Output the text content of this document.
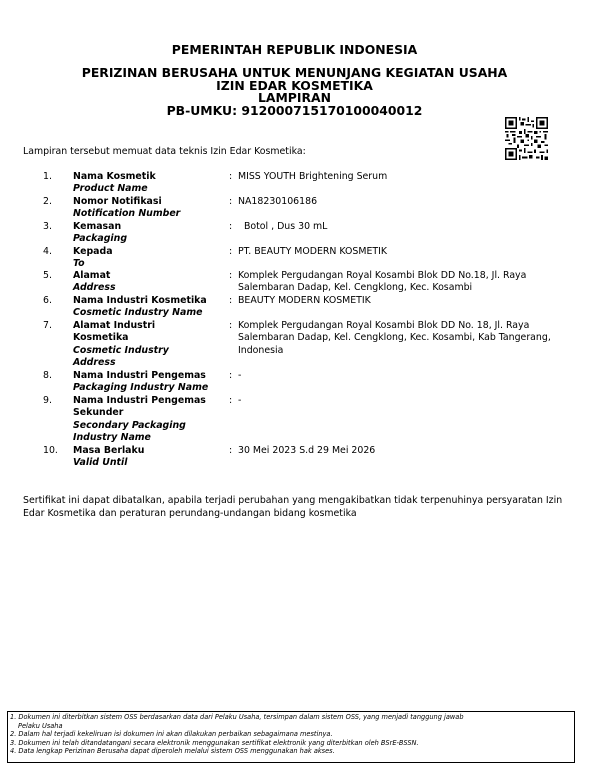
PEMERINTAH REPUBLIK INDONESIA
PERIZINAN BERUSAHA UNTUK MENUNJANG KEGIATAN USAHA
IZIN EDAR KOSMETIKA
LAMPIRAN
PB-UMKU: 912000715170100040012
Lampiran tersebut memuat data teknis Izin Edar Kosmetika:
1.	Nama Kosmetik
Product Name
: MISS YOUTH Brightening Serum
2.	Nomor Notifikasi
Notification Number
: NA18230106186
3.	Kemasan
Packaging
: Botol , Dus 30 mL
4.	Kepada
To
: PT. BEAUTY MODERN KOSMETIK
5.	Alamat
Address
: Komplek Pergudangan Royal Kosambi Blok DD No.18, Jl. Raya Salembaran Dadap, Kel. Cengklong, Kec. Kosambi
6.	Nama Industri Kosmetika
Cosmetic Industry Name
: BEAUTY MODERN KOSMETIK
7.	Alamat Industri Kosmetika
Cosmetic Industry Address
: Komplek Pergudangan Royal Kosambi Blok DD No. 18, Jl. Raya Salembaran Dadap, Kel. Cengklong, Kec. Kosambi, Kab Tangerang, Indonesia
8.	Nama Industri Pengemas
Packaging Industry Name
: -
9.	Nama Industri Pengemas Sekunder
Secondary Packaging Industry Name
: -
10.	Masa Berlaku
Valid Until
: 30 Mei 2023 S.d 29 Mei 2026
Sertifikat ini dapat dibatalkan, apabila terjadi perubahan yang mengakibatkan tidak terpenuhinya persyaratan Izin Edar Kosmetika dan peraturan perundang-undangan bidang kosmetika
1. Dokumen ini diterbitkan sistem OSS berdasarkan data dari Pelaku Usaha, tersimpan dalam sistem OSS, yang menjadi tanggung jawab
Pelaku Usaha
2. Dalam hal terjadi kekeliruan isi dokumen ini akan dilakukan perbaikan sebagaimana mestinya.
3. Dokumen ini telah ditandatangani secara elektronik menggunakan sertifikat elektronik yang diterbitkan oleh BSrE-BSSN.
4. Data lengkap Perizinan Berusaha dapat diperoleh melalui sistem OSS menggunakan hak akses.
